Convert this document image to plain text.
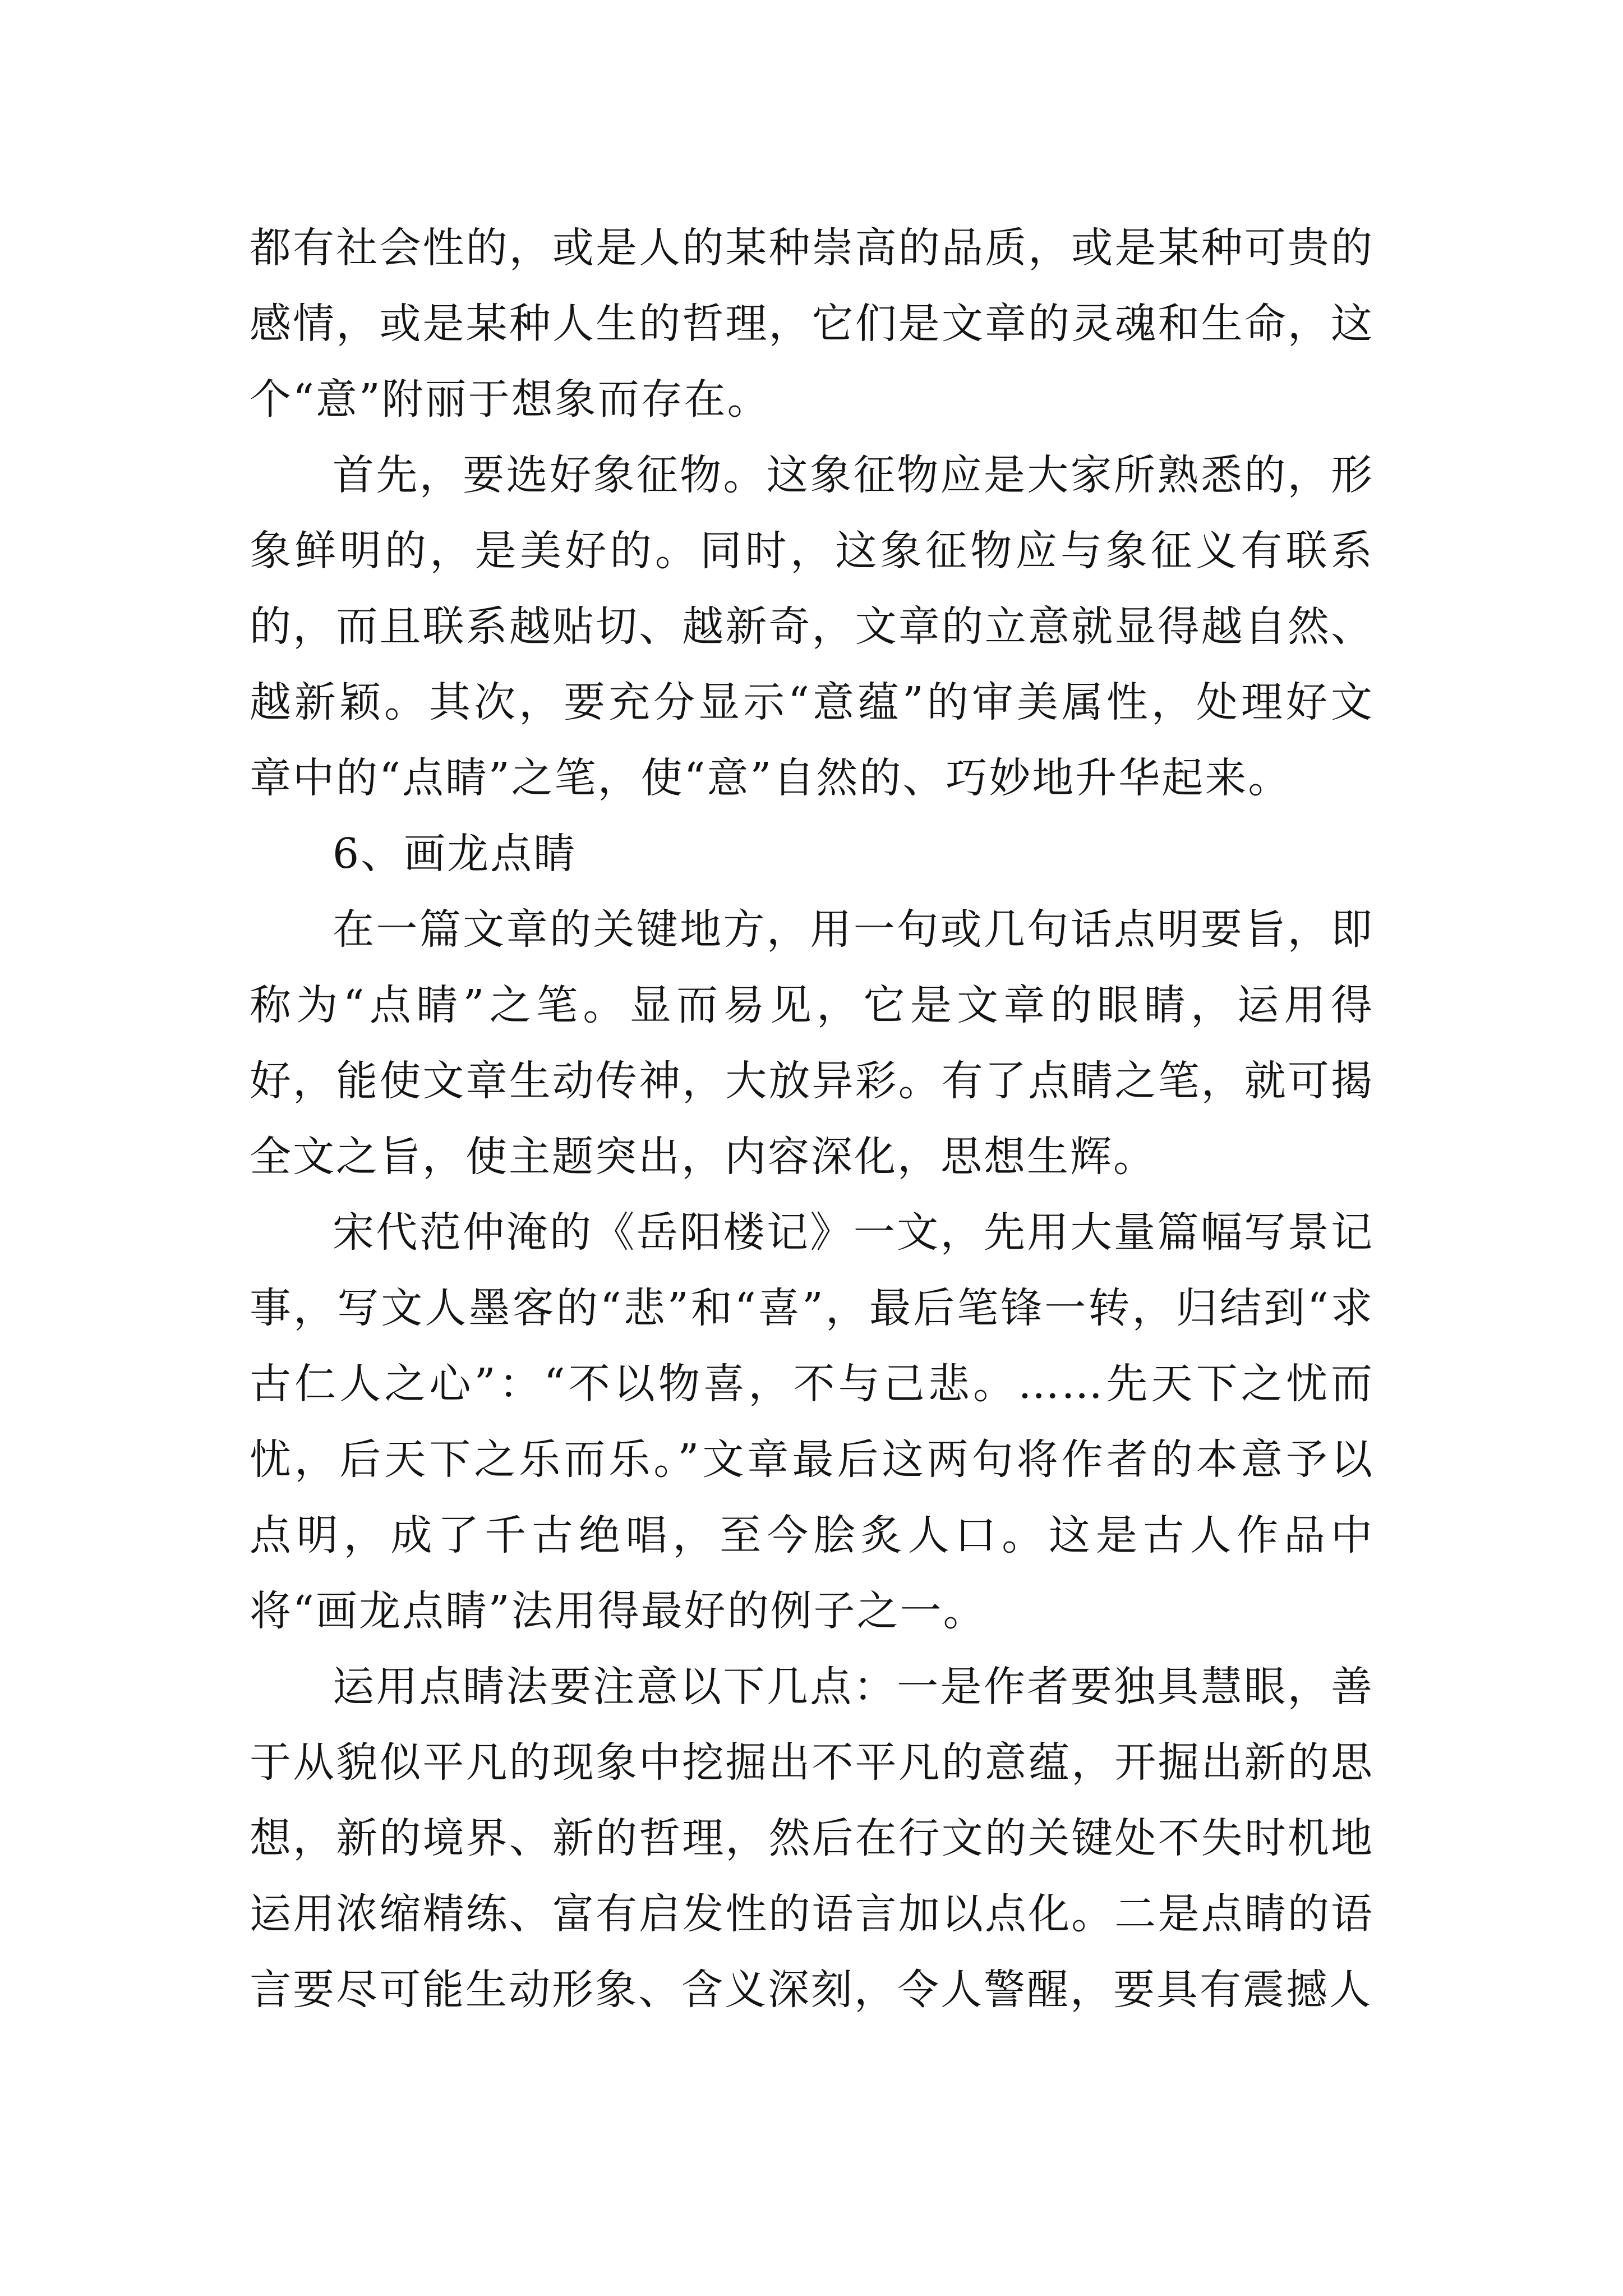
都有社会性的，或是人的某种崇高的品质，或是某种可贵的感情，或是某种人生的哲理，它们是文章的灵魂和生命，这个“意”附丽于想象而存在。

首先，要选好象征物。这象征物应是大家所熟悉的，形象鲜明的，是美好的。同时，这象征物应与象征义有联系的，而且联系越贴切、越新奇，文章的立意就显得越自然、越新颖。其次，要充分显示“意蕴”的审美属性，处理好文章中的“点睛”之笔，使“意”自然的、巧妙地升华起来。

6、画龙点睛

在一篇文章的关键地方，用一句或几句话点明要旨，即称为“点睛”之笔。显而易见，它是文章的眼睛，运用得好，能使文章生动传神，大放异彩。有了点睛之笔，就可揭全文之旨，使主题突出，内容深化，思想生辉。

宋代范仲淹的《岳阳楼记》一文，先用大量篇幅写景记事，写文人墨客的“悲”和“喜”，最后笔锋一转，归结到“求古仁人之心”：“不以物喜，不与己悲。……先天下之忧而忧，后天下之乐而乐。”文章最后这两句将作者的本意予以点明，成了千古绝唱，至今脍炙人口。这是古人作品中将“画龙点睛”法用得最好的例子之一。

运用点睛法要注意以下几点：一是作者要独具慧眼，善于从貌似平凡的现象中挖掘出不平凡的意蕴，开掘出新的思想，新的境界、新的哲理，然后在行文的关键处不失时机地运用浓缩精练、富有启发性的语言加以点化。二是点睛的语言要尽可能生动形象、含义深刻，令人警醒，要具有震撼人
